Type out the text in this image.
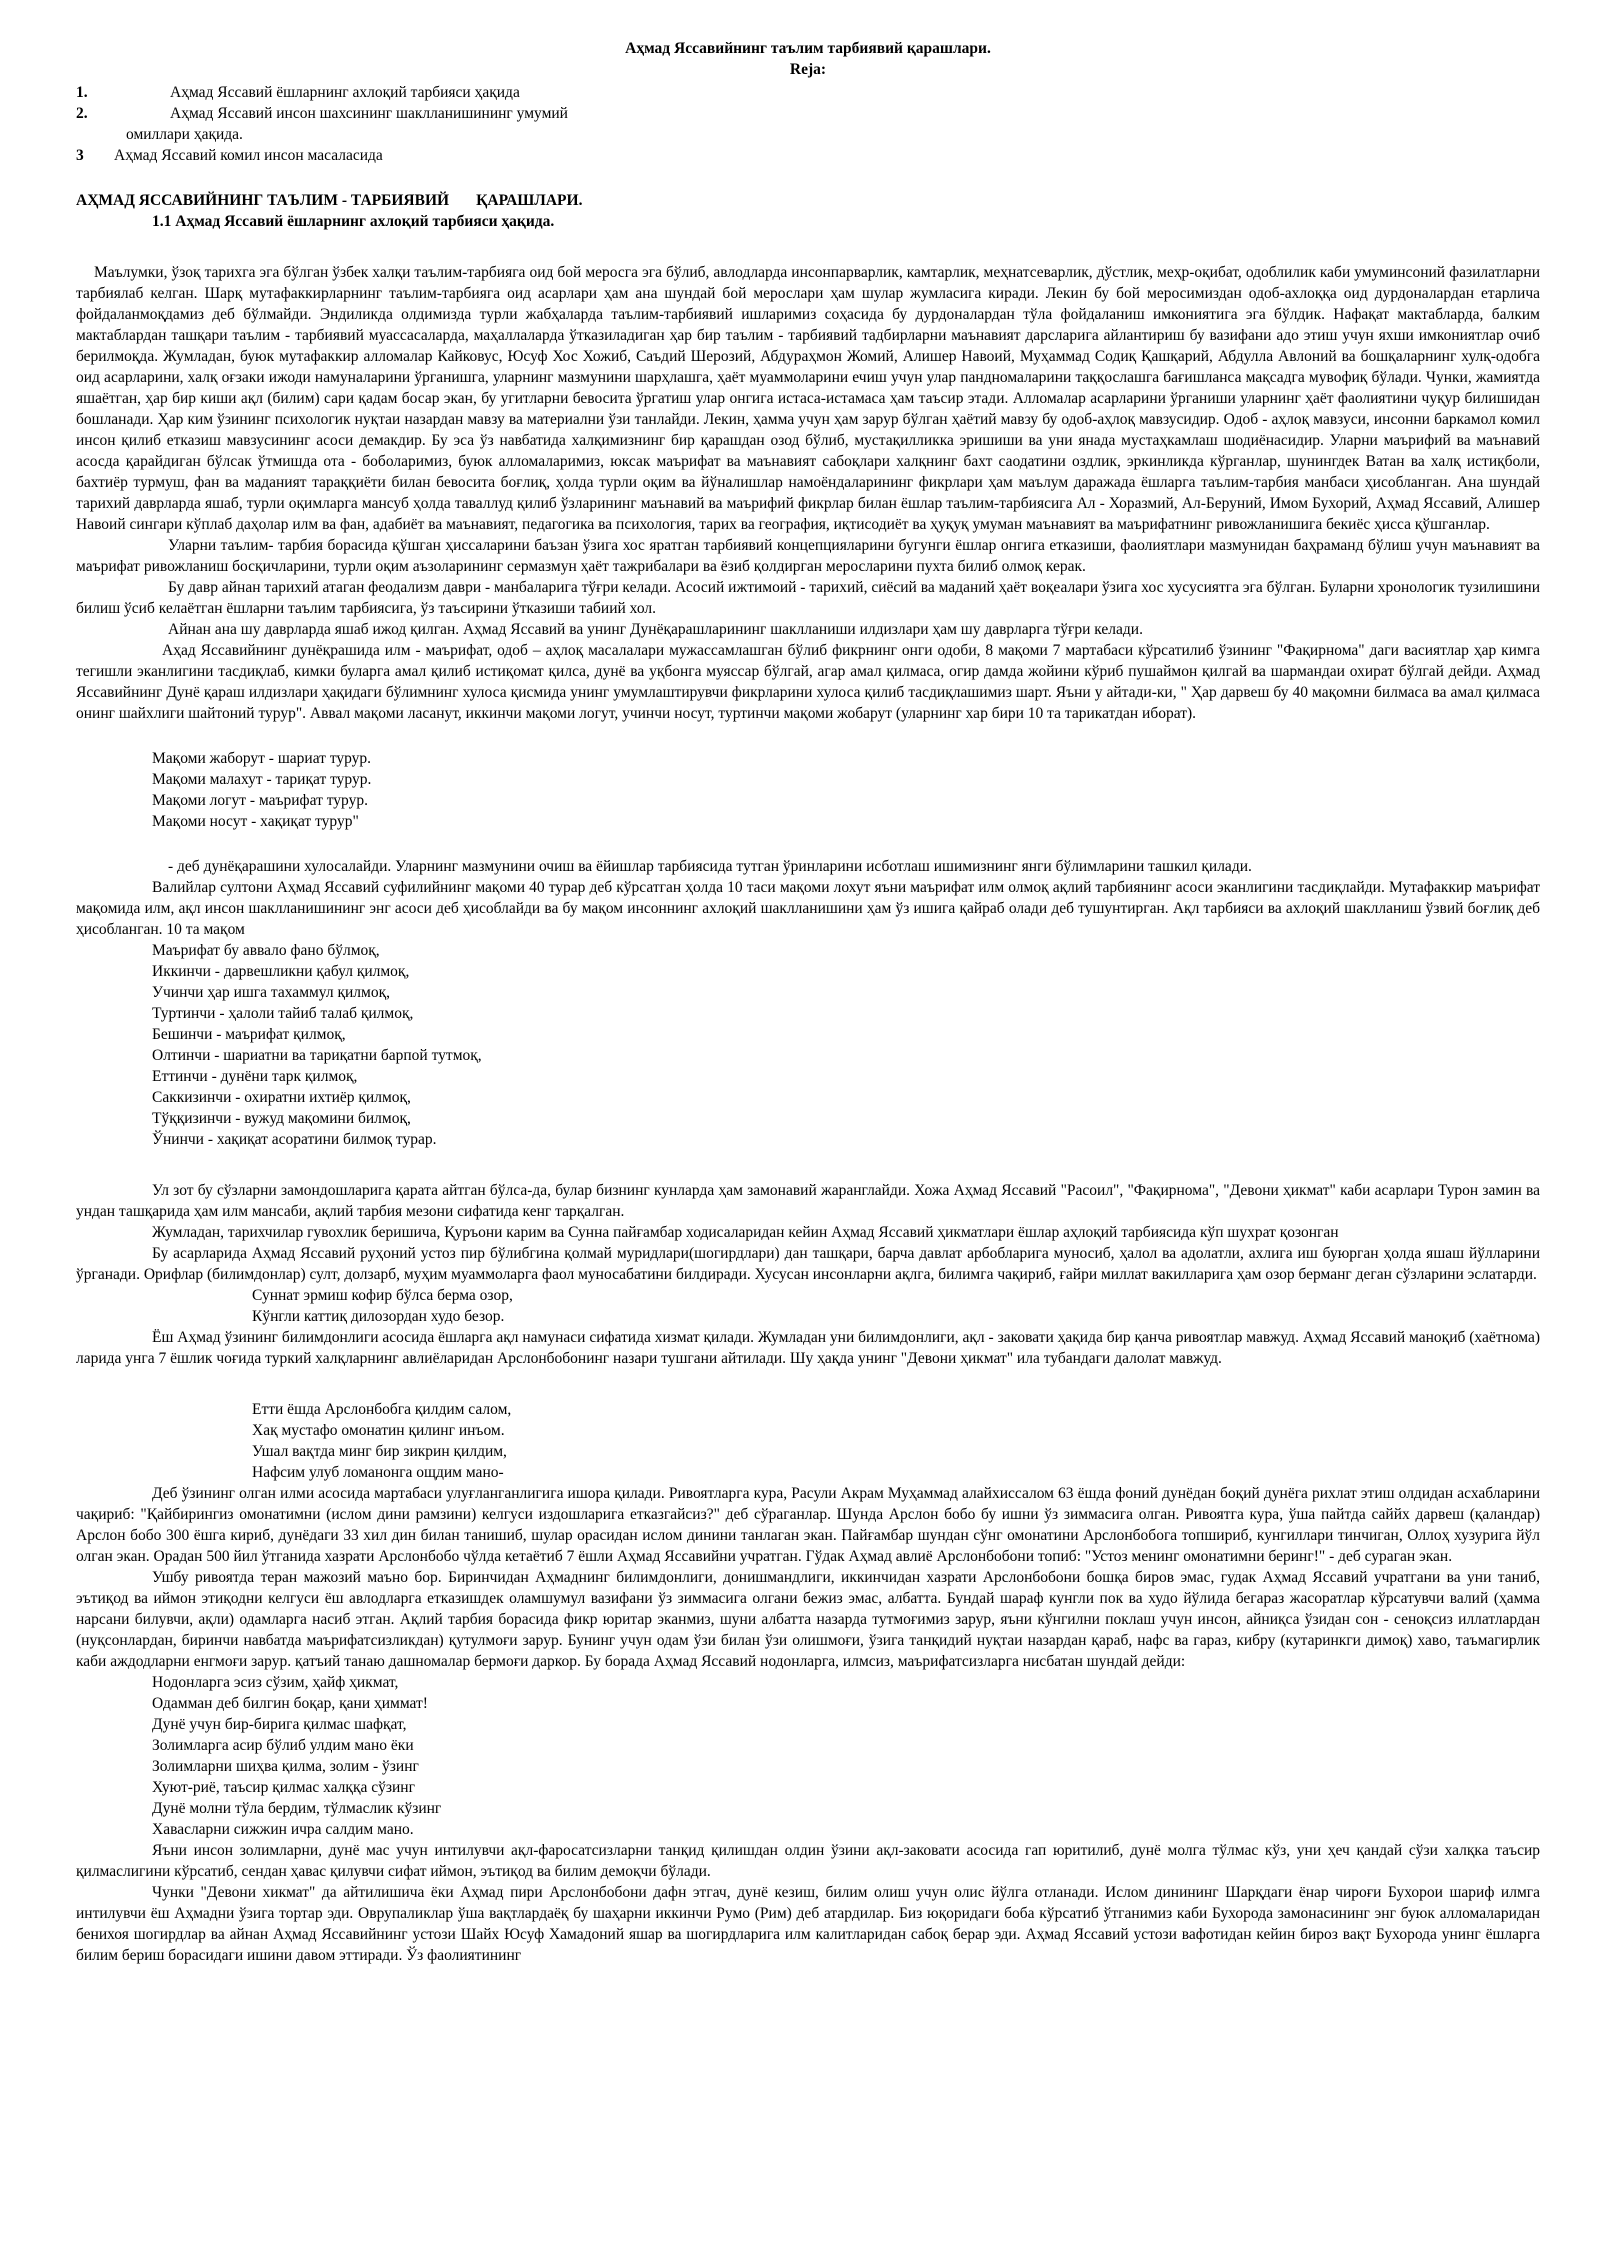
Аҳмад Яссавийнинг таълим тарбиявий қарашлари.
Reja:
1.	Аҳмад Яссавий ёшларнинг ахлоқий тарбияси ҳақида
2.	Аҳмад Яссавий инсон шахсининг шаклланишининг умумий
омиллари ҳақида.
3	Аҳмад Яссавий комил инсон масаласида
АҲМАД ЯССАВИЙНИНГ ТАЪЛИМ - ТАРБИЯВИЙ       ҚАРАШЛАРИ.
1.1 Аҳмад Яссавий ёшларнинг ахлоқий тарбияси ҳақида.

Маълумки, ўзоқ тарихга эга бўлган ўзбек халқи таълим-тарбияга оид бой меросга эга бўлиб, авлодларда инсонпарварлик, камтарлик, меҳнатсеварлик, дўстлик, меҳр-оқибат, одоблилик каби умуминсоний фазилатларни тарбиялаб келган. Шарқ мутафаккирларнинг таълим-тарбияга оид асарлари ҳам ана шундай бой мерослари ҳам шулар жумласига киради. Лекин бу бой меросимиздан одоб-ахлоққа оид дурдоналардан етарлича фойдаланмоқдамиз деб бўлмайди. Эндиликда олдимизда турли жабҳаларда таълим-тарбиявий ишларимиз соҳасида бу дурдоналардан тўла фойдаланиш имкониятига эга бўлдик. Нафақат мактабларда, балким мактаблардан ташқари таълим - тарбиявий муассасаларда, маҳаллаларда ўтказиладиган ҳар бир таълим - тарбиявий тадбирларни маънавият дарсларига айлантириш бу вазифани адо этиш учун яхши имкониятлар очиб берилмоқда. Жумладан, буюк мутафаккир алломалар Кайковус, Юсуф Хос Хожиб, Саъдий Шерозий, Абдураҳмон Жомий, Алишер Навоий, Муҳаммад Содиқ Қашқарий, Абдулла Авлоний ва бошқаларнинг хулқ-одобга оид асарларини, халқ оғзаки ижоди намуналарини ўрганишга, уларнинг мазмунини шарҳлашга, ҳаёт муаммоларини ечиш учун улар пандномаларини таққослашга бағишланса мақсадга мувофиқ бўлади. Чунки, жамиятда яшаётган, ҳар бир киши ақл (билим) сари қадам босар экан, бу угитларни бевосита ўргатиш улар онгига истаса-истамаса ҳам таъсир этади. Алломалар асарларини ўрганиши уларнинг ҳаёт фаолиятини чуқур билишидан бошланади. Ҳар ким ўзининг психологик нуқтаи назардан мавзу ва материални ўзи танлайди. Лекин, ҳамма учун ҳам зарур бўлган ҳаётий мавзу бу одоб-аҳлоқ мавзусидир. Одоб - аҳлоқ мавзуси, инсонни баркамол комил инсон қилиб етказиш мавзусининг асоси демакдир. Бу эса ўз навбатида халқимизнинг бир қарашдан озод бўлиб, мустақилликка эришиши ва уни янада мустаҳкамлаш шодиёнасидир. Уларни маърифий ва маънавий асосда қарайдиган бўлсак ўтмишда ота - боболаримиз, буюк алломаларимиз, юксак маърифат ва маънавият сабоқлари халқнинг бахт саодатини оздлик, эркинликда кўрганлар, шунингдек Ватан ва халқ истиқболи, бахтиёр турмуш, фан ва маданият тараққиёти билан бевосита боғлиқ, ҳолда турли оқим ва йўналишлар намоёндаларининг фикрлари ҳам маълум даражада ёшларга таълим-тарбия манбаси ҳисобланган. Ана шундай тарихий даврларда яшаб, турли оқимларга мансуб ҳолда таваллуд қилиб ўзларининг маънавий ва маърифий фикрлар билан ёшлар таълим-тарбиясига Ал - Хоразмий, Ал-Беруний, Имом Бухорий, Аҳмад Яссавий, Алишер Навоий сингари кўплаб даҳолар илм ва фан, адабиёт ва маънавият, педагогика ва психология, тарих ва география, иқтисодиёт ва ҳуқуқ умуман маънавият ва маърифатнинг ривожланишига бекиёс ҳисса қўшганлар.

Уларни таълим- тарбия борасида қўшган ҳиссаларини баъзан ўзига хос яратган тарбиявий концепцияларини бугунги ёшлар онгига етказиши, фаолиятлари мазмунидан баҳраманд бўлиш учун маънавият ва маърифат ривожланиш босқичларини, турли оқим аъзоларининг сермазмун ҳаёт тажрибалари ва ёзиб қолдирган меросларини пухта билиб олмоқ керак.

Бу давр айнан тарихий атаган феодализм даври - манбаларига тўғри келади. Асосий ижтимоий - тарихий, сиёсий ва маданий ҳаёт воқеалари ўзига хос хусусиятга эга бўлган. Буларни хронологик тузилишини билиш ўсиб келаётган ёшларни таълим тарбиясига, ўз таъсирини ўтказиши табиий хол.

Айнан ана шу даврларда яшаб ижод қилган. Аҳмад Яссавий ва унинг Дунёқарашларининг шаклланиши илдизлари ҳам шу даврларга тўғри келади.

Аҳад Яссавийнинг дунёқрашида илм - маърифат, одоб – аҳлоқ масалалари мужассамлашган бўлиб фикрнинг онги одоби, 8 мақоми 7 мартабаси кўрсатилиб ўзининг "Фақирнома" даги васиятлар ҳар кимга тегишли эканлигини тасдиқлаб, кимки буларга амал қилиб истиқомат қилса, дунё ва уқбонга муяссар бўлгай, агар амал қилмаса, огир дамда жойини кўриб пушаймон қилгай ва шармандаи охират бўлгай дейди. Аҳмад Яссавийнинг Дунё қараш илдизлари ҳақидаги бўлимнинг хулоса қисмида унинг умумлаштирувчи фикрларини хулоса қилиб тасдиқлашимиз шарт. Яъни у айтади-ки, " Ҳар дарвеш бу 40 мақомни билмаса ва амал қилмаса онинг шайхлиги шайтоний турур". Аввал мақоми ласанут, иккинчи мақоми логут, учинчи носут, туртинчи мақоми жобарут (уларнинг хар бири 10 та тарикатдан иборат).

Мақоми жаборут - шариат турур.
Мақоми малахут - тариқат турур.
Мақоми логут - маърифат турур.
Мақоми носут - хақиқат турур"

- деб дунёқарашини хулосалайди. Уларнинг мазмунини очиш ва ёйишлар тарбиясида тутган ўринларини исботлаш ишимизнинг янги бўлимларини ташкил қилади.

Валийлар султони Аҳмад Яссавий суфилийнинг мақоми 40 турар деб кўрсатган ҳолда 10 таси мақоми лохут яъни маърифат илм олмоқ ақлий тарбиянинг асоси эканлигини тасдиқлайди. Мутафаккир маърифат мақомида илм, ақл инсон шаклланишининг энг асоси деб ҳисоблайди ва бу мақом инсоннинг ахлоқий шаклланишини ҳам ўз ишига қайраб олади деб тушунтирган. Ақл тарбияси ва ахлоқий шаклланиш ўзвий боғлиқ деб ҳисобланган. 10 та мақом

Маърифат бу аввало фано бўлмоқ,
Иккинчи - дарвешликни қабул қилмоқ,
Учинчи ҳар ишга тахаммул қилмоқ,
Туртинчи - ҳалоли тайиб талаб қилмоқ,
Бешинчи - маърифат қилмоқ,
Олтинчи - шариатни ва тариқатни барпой тутмоқ,
Еттинчи - дунёни тарк қилмоқ,
Саккизинчи - охиратни ихтиёр қилмоқ,
Тўққизинчи - вужуд мақомини билмоқ,
Ўнинчи - хақиқат асоратини билмоқ турар.

Ул зот бу сўзларни замондошларига қарата айтган бўлса-да, булар бизнинг кунларда ҳам замонавий жаранглайди. Хожа Аҳмад Яссавий "Расоил", "Фақирнома", "Девони ҳикмат" каби асарлари Турон замин ва ундан ташқарида ҳам илм мансаби, ақлий тарбия мезони сифатида кенг тарқалган.

Жумладан, тарихчилар гувохлик беришича, Қуръони карим ва Сунна пайғамбар ходисаларидан кейин Аҳмад Яссавий ҳикматлари ёшлар аҳлоқий тарбиясида кўп шухрат қозонган

Бу асарларида Аҳмад Яссавий руҳоний устоз пир бўлибгина қолмай муридлари(шогирдлари) дан ташқари, барча давлат арбобларига муносиб, ҳалол ва адолатли, ахлига иш буюрган ҳолда яшаш йўлларини ўрганади. Орифлар (билимдонлар) султ, долзарб, муҳим муаммоларга фаол муносабатини билдиради. Хусусан инсонларни ақлга, билимга чақириб, ғайри миллат вакилларига ҳам озор берманг деган сўзларини эслатарди.

Суннат эрмиш кофир бўлса берма озор,
Кўнгли каттиқ дилозордан худо безор.

Ёш Аҳмад ўзининг билимдонлиги асосида ёшларга ақл намунаси сифатида хизмат қилади. Жумладан уни билимдонлиги, ақл - заковати ҳақида бир қанча ривоятлар мавжуд. Аҳмад Яссавий маноқиб (хаётнома) ларида унга 7 ёшлик чоғида туркий халқларнинг авлиёларидан Арслонбобонинг назари тушгани айтилади. Шу ҳақда унинг "Девони ҳикмат" ила тубандаги далолат мавжуд.

Етти ёшда Арслонбобга қилдим салом,
Хақ мустафо омонатин қилинг инъом.
Ушал вақтда минг бир зикрин қилдим,
Нафсим улуб ломанонга ощдим мано-

Деб ўзининг олган илми асосида мартабаси улуғланганлигига ишора қилади. Ривоятларга кура, Расули Акрам Муҳаммад алайхиссалом 63 ёшда фоний дунёдан боқий дунёга рихлат этиш олдидан асхабларини чақириб: "Қайбирингиз омонатимни (ислом дини рамзини) келгуси издошларига етказгайсиз?" деб сўраганлар. Шунда Арслон бобо бу ишни ўз зиммасига олган. Ривоятга кура, ўша пайтда саййх дарвеш (қаландар) Арслон бобо 300 ёшга кириб, дунёдаги 33 хил дин билан танишиб, шулар орасидан ислом динини танлаган экан. Пайғамбар шундан сўнг омонатини Арслонбобога топшириб, кунгиллари тинчиган, Оллоҳ хузурига йўл олган экан. Орадан 500 йил ўтганида хазрати Арслонбобо чўлда кетаётиб 7 ёшли Аҳмад Яссавийни учратган. Гўдак Аҳмад авлиё Арслонбобони топиб: "Устоз менинг омонатимни беринг!" - деб сураган экан.

Ушбу ривоятда теран мажозий маъно бор. Биринчидан Аҳмаднинг билимдонлиги, донишмандлиги, иккинчидан хазрати Арслонбобони бошқа биров эмас, гудак Аҳмад Яссавий учратгани ва уни таниб, эътиқод ва иймон этиқодни келгуси ёш авлодларга етказишдек оламшумул вазифани ўз зиммасига олгани бежиз эмас, албатта. Бундай шараф кунгли пок ва худо йўлида бегараз жасоратлар кўрсатувчи валий (ҳамма нарсани билувчи, ақли) одамларга насиб этган. Ақлий тарбия борасида фикр юритар эканмиз, шуни албатта назарда тутмоғимиз зарур, яъни кўнгилни поклаш учун инсон, айниқса ўзидан сон - сеноқсиз иллатлардан (нуқсонлардан, биринчи навбатда маърифатсизликдан) қутулмоғи зарур. Бунинг учун одам ўзи билан ўзи олишмоғи, ўзига танқидий нуқтаи назардан қараб, нафс ва гараз, кибру (кутаринкги димоқ) хаво, таъмагирлик каби аждодларни енгмоғи зарур. қатъий танаю дашномалар бермоғи даркор. Бу борада Аҳмад Яссавий нодонларга, илмсиз, маърифатсизларга нисбатан шундай дейди:

Нодонларга эсиз сўзим, ҳайф ҳикмат,
Одамман деб билгин боқар, қани ҳиммат!
Дунё учун бир-бирига қилмас шафқат,
Золимларга асир бўлиб улдим мано ёки
Золимларни шиҳва қилма, золим - ўзинг
Хуют-риё, таъсир қилмас халққа сўзинг
Дунё молни тўла бердим, тўлмаслик кўзинг
Хавасларни сижжин ичра салдим мано.

Яъни инсон золимларни, дунё мас учун интилувчи ақл-фаросатсизларни танқид қилишдан олдин ўзини ақл-заковати асосида гап юритилиб, дунё молга тўлмас кўз, уни ҳеч қандай сўзи халқка таъсир қилмаслигини кўрсатиб, сендан ҳавас қилувчи сифат иймон, эътиқод ва билим демоқчи бўлади.

Чунки "Девони хикмат" да айтилишича ёки Аҳмад пири Арслонбобони дафн этгач, дунё кезиш, билим олиш учун олис йўлга отланади. Ислом динининг Шарқдаги ёнар чироғи Бухорои шариф илмга интилувчи ёш Аҳмадни ўзига тортар эди. Оврупаликлар ўша вақтлардаёқ бу шаҳарни иккинчи Румо (Рим) деб атардилар. Биз юқоридаги боба кўрсатиб ўтганимиз каби Бухорода замонасининг энг буюк алломаларидан бенихоя шогирдлар ва айнан Аҳмад Яссавийнинг устози Шайх Юсуф Хамадоний яшар ва шогирдларига илм калитларидан сабоқ берар эди. Аҳмад Яссавий устози вафотидан кейин бироз вақт Бухорода унинг ёшларга билим бериш борасидаги ишини давом эттиради. Ўз фаолиятининг
